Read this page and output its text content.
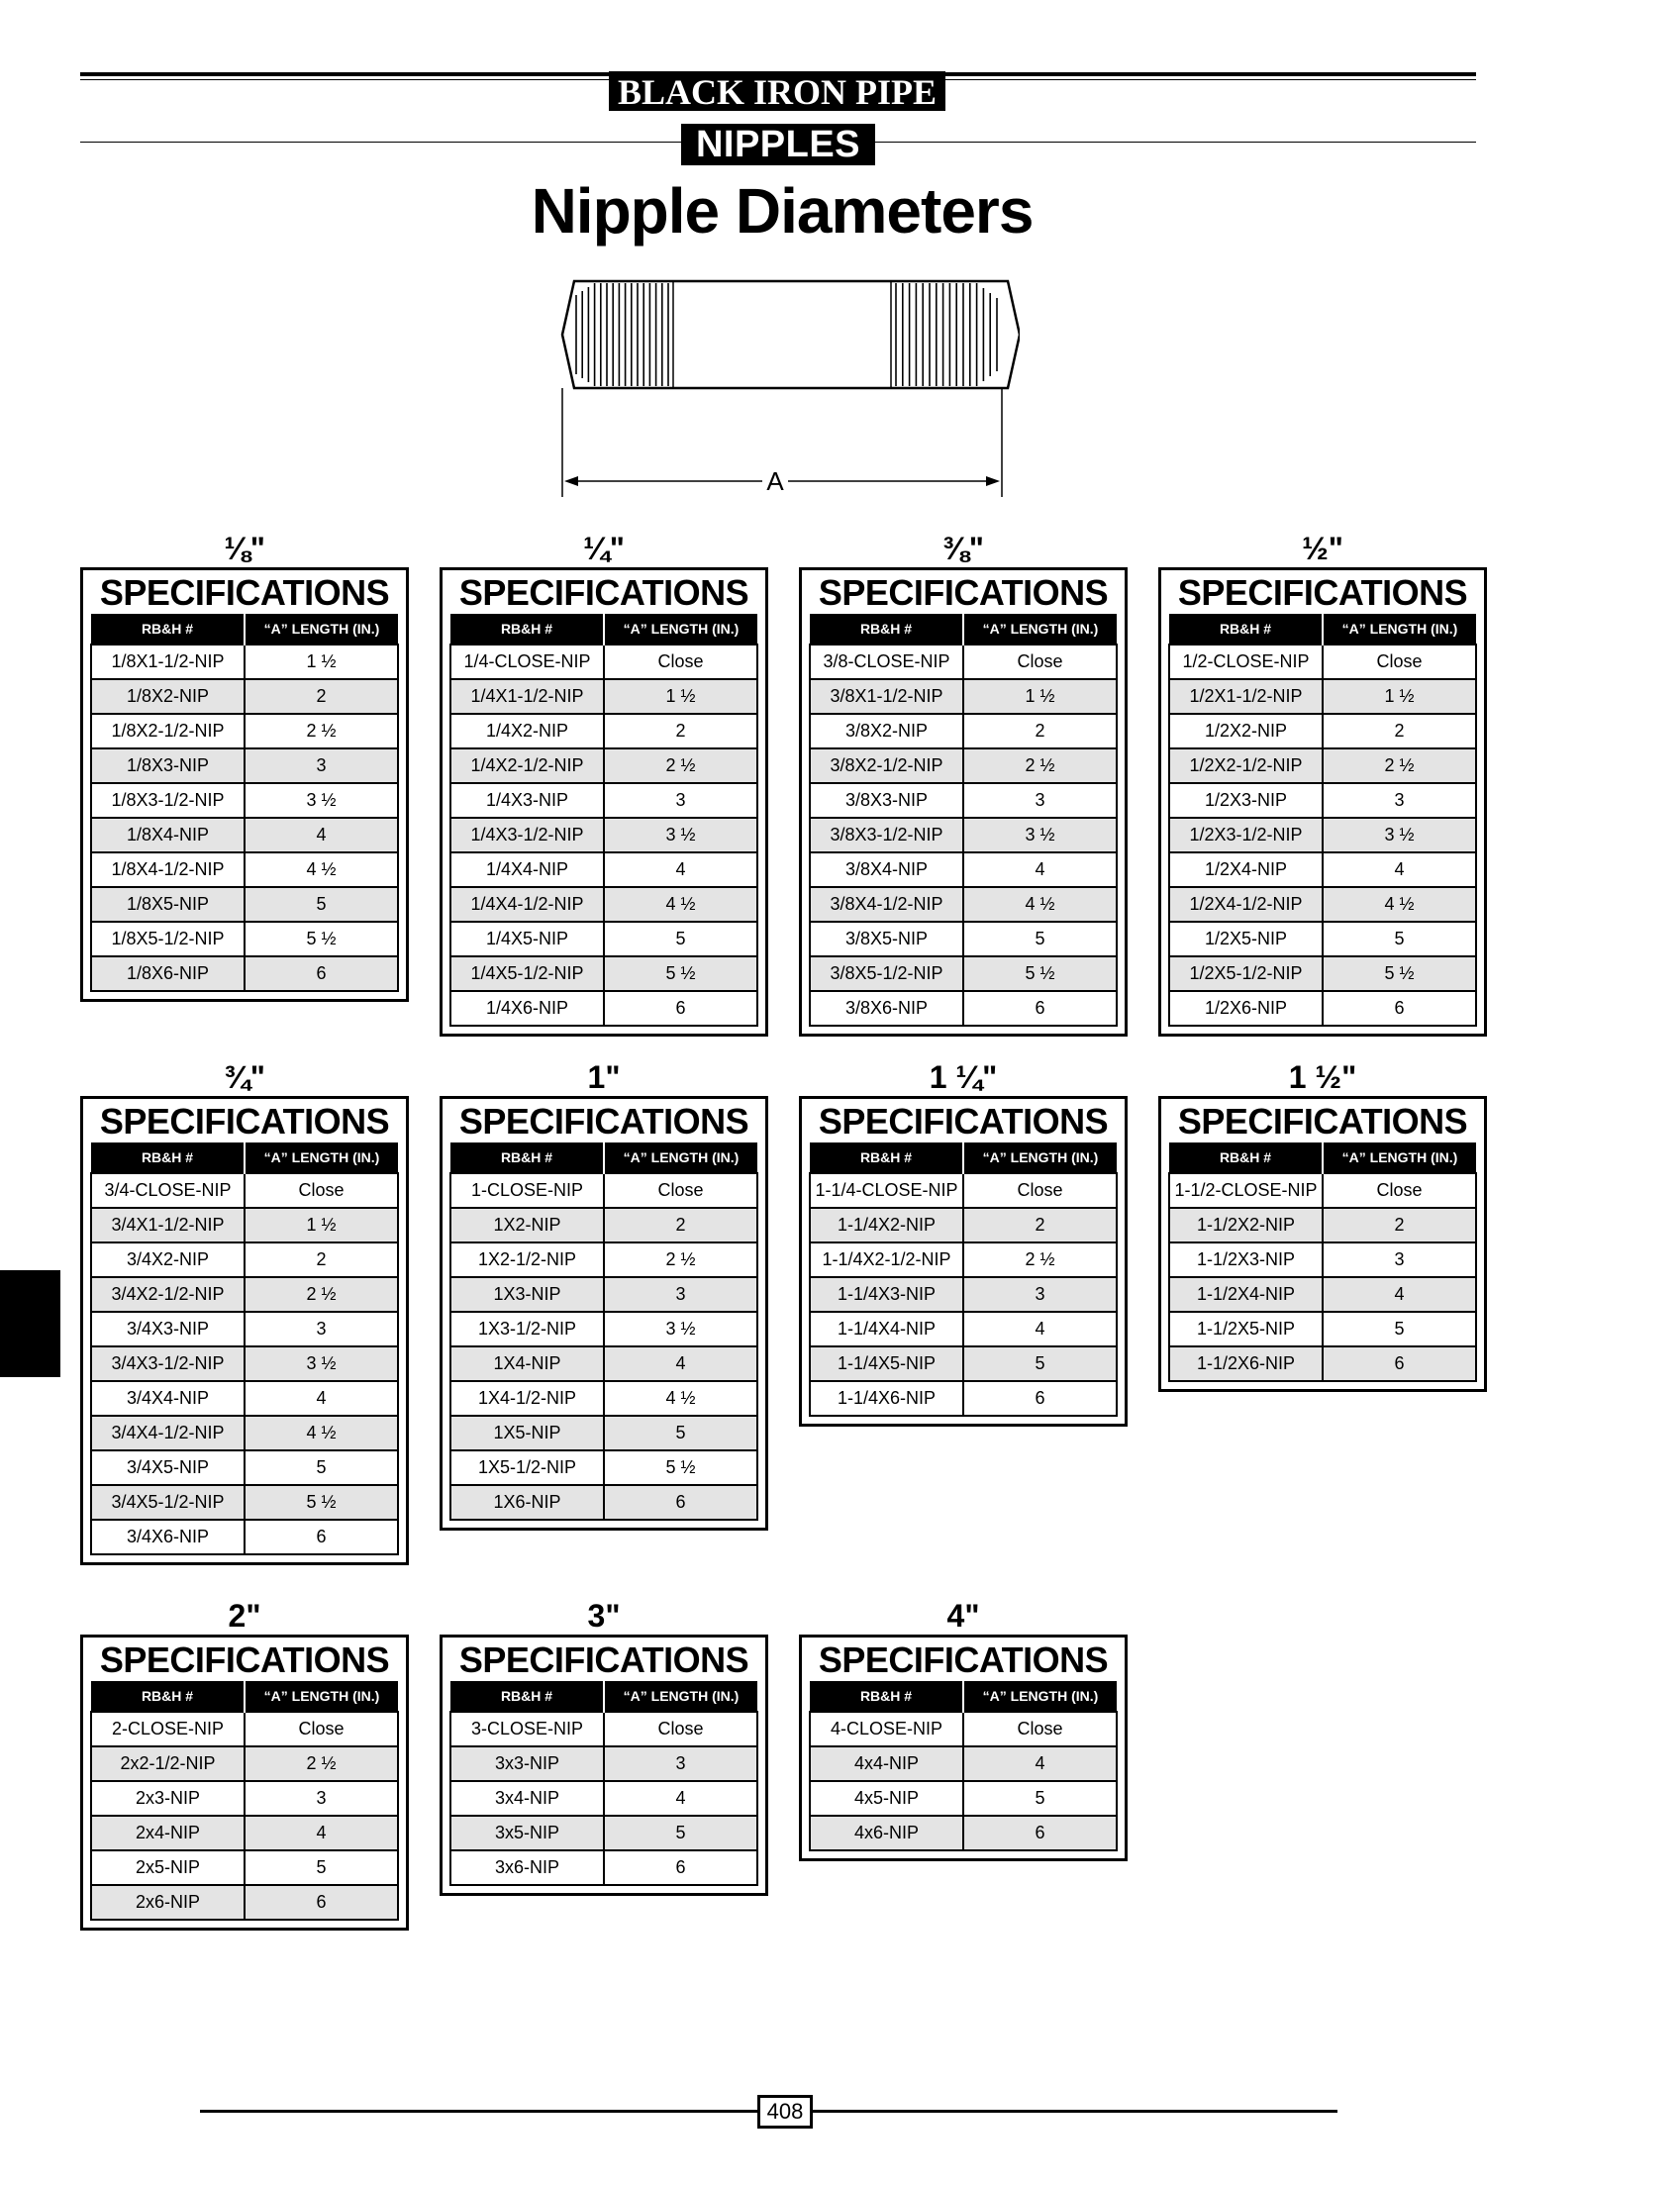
BLACK IRON PIPE
NIPPLES
Nipple Diameters
A
⅛"
SPECIFICATIONS
RB&H #	“A” LENGTH (IN.)
1/8X1-1/2-NIP	1 ½
1/8X2-NIP	2
1/8X2-1/2-NIP	2 ½
1/8X3-NIP	3
1/8X3-1/2-NIP	3 ½
1/8X4-NIP	4
1/8X4-1/2-NIP	4 ½
1/8X5-NIP	5
1/8X5-1/2-NIP	5 ½
1/8X6-NIP	6
¼"
SPECIFICATIONS
RB&H #	“A” LENGTH (IN.)
1/4-CLOSE-NIP	Close
1/4X1-1/2-NIP	1 ½
1/4X2-NIP	2
1/4X2-1/2-NIP	2 ½
1/4X3-NIP	3
1/4X3-1/2-NIP	3 ½
1/4X4-NIP	4
1/4X4-1/2-NIP	4 ½
1/4X5-NIP	5
1/4X5-1/2-NIP	5 ½
1/4X6-NIP	6
⅜"
SPECIFICATIONS
RB&H #	“A” LENGTH (IN.)
3/8-CLOSE-NIP	Close
3/8X1-1/2-NIP	1 ½
3/8X2-NIP	2
3/8X2-1/2-NIP	2 ½
3/8X3-NIP	3
3/8X3-1/2-NIP	3 ½
3/8X4-NIP	4
3/8X4-1/2-NIP	4 ½
3/8X5-NIP	5
3/8X5-1/2-NIP	5 ½
3/8X6-NIP	6
½"
SPECIFICATIONS
RB&H #	“A” LENGTH (IN.)
1/2-CLOSE-NIP	Close
1/2X1-1/2-NIP	1 ½
1/2X2-NIP	2
1/2X2-1/2-NIP	2 ½
1/2X3-NIP	3
1/2X3-1/2-NIP	3 ½
1/2X4-NIP	4
1/2X4-1/2-NIP	4 ½
1/2X5-NIP	5
1/2X5-1/2-NIP	5 ½
1/2X6-NIP	6
¾"
SPECIFICATIONS
RB&H #	“A” LENGTH (IN.)
3/4-CLOSE-NIP	Close
3/4X1-1/2-NIP	1 ½
3/4X2-NIP	2
3/4X2-1/2-NIP	2 ½
3/4X3-NIP	3
3/4X3-1/2-NIP	3 ½
3/4X4-NIP	4
3/4X4-1/2-NIP	4 ½
3/4X5-NIP	5
3/4X5-1/2-NIP	5 ½
3/4X6-NIP	6
1"
SPECIFICATIONS
RB&H #	“A” LENGTH (IN.)
1-CLOSE-NIP	Close
1X2-NIP	2
1X2-1/2-NIP	2 ½
1X3-NIP	3
1X3-1/2-NIP	3 ½
1X4-NIP	4
1X4-1/2-NIP	4 ½
1X5-NIP	5
1X5-1/2-NIP	5 ½
1X6-NIP	6
1 ¼"
SPECIFICATIONS
RB&H #	“A” LENGTH (IN.)
1-1/4-CLOSE-NIP	Close
1-1/4X2-NIP	2
1-1/4X2-1/2-NIP	2 ½
1-1/4X3-NIP	3
1-1/4X4-NIP	4
1-1/4X5-NIP	5
1-1/4X6-NIP	6
1 ½"
SPECIFICATIONS
RB&H #	“A” LENGTH (IN.)
1-1/2-CLOSE-NIP	Close
1-1/2X2-NIP	2
1-1/2X3-NIP	3
1-1/2X4-NIP	4
1-1/2X5-NIP	5
1-1/2X6-NIP	6
2"
SPECIFICATIONS
RB&H #	“A” LENGTH (IN.)
2-CLOSE-NIP	Close
2x2-1/2-NIP	2 ½
2x3-NIP	3
2x4-NIP	4
2x5-NIP	5
2x6-NIP	6
3"
SPECIFICATIONS
RB&H #	“A” LENGTH (IN.)
3-CLOSE-NIP	Close
3x3-NIP	3
3x4-NIP	4
3x5-NIP	5
3x6-NIP	6
4"
SPECIFICATIONS
RB&H #	“A” LENGTH (IN.)
4-CLOSE-NIP	Close
4x4-NIP	4
4x5-NIP	5
4x6-NIP	6
408
